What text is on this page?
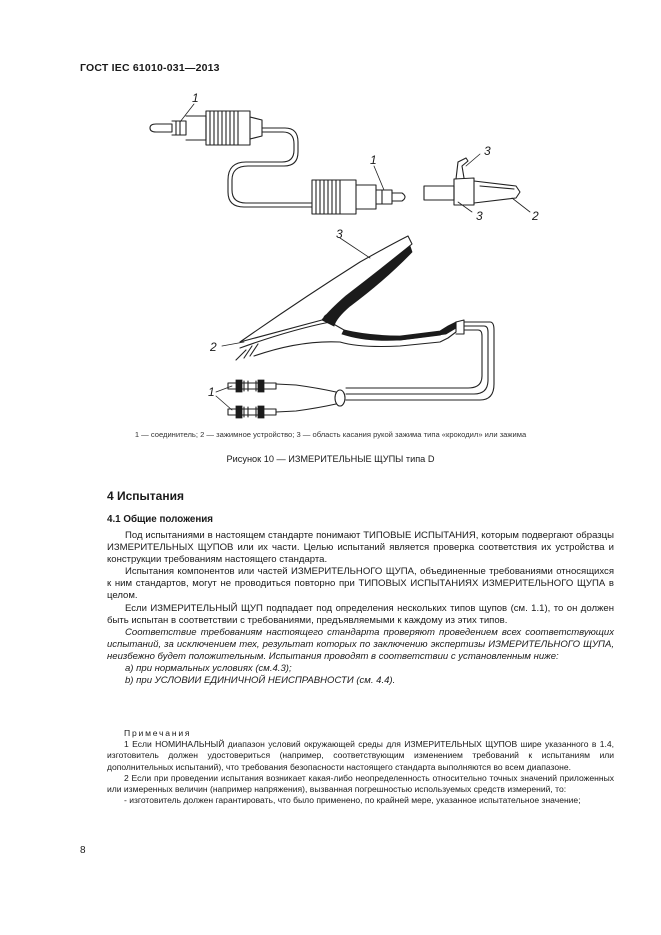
ГОСТ IEC 61010-031—2013
1
1
3
3	2
3
2
1
1 — соединитель; 2 — зажимное устройство; 3 — область касания рукой зажима типа «крокодил» или зажима
Рисунок 10 — ИЗМЕРИТЕЛЬНЫЕ ЩУПЫ типа D
4 Испытания
4.1 Общие положения

Под испытаниями в настоящем стандарте понимают ТИПОВЫЕ ИСПЫТАНИЯ, которым подвергают образцы ИЗМЕРИТЕЛЬНЫХ ЩУПОВ или их части. Целью испытаний является проверка соответствия их устройства и конструкции требованиям настоящего стандарта.

Испытания компонентов или частей ИЗМЕРИТЕЛЬНОГО ЩУПА, объединенные требованиями относящихся к ним стандартов, могут не проводиться повторно при ТИПОВЫХ ИСПЫТАНИЯХ ИЗМЕРИТЕЛЬНОГО ЩУПА в целом.

Если ИЗМЕРИТЕЛЬНЫЙ ЩУП подпадает под определения нескольких типов щупов (см. 1.1), то он должен быть испытан в соответствии с требованиями, предъявляемыми к каждому из этих типов.

Соответствие требованиям настоящего стандарта проверяют проведением всех соответствующих испытаний, за исключением тех, результат которых по заключению экспертизы ИЗМЕРИТЕЛЬНОГО ЩУПА, неизбежно будет положительным. Испытания проводят в соответствии с установленным ниже:

a) при нормальных условиях (см.4.3);

b) при УСЛОВИИ ЕДИНИЧНОЙ НЕИСПРАВНОСТИ (см. 4.4).

Примечания

1 Если НОМИНАЛЬНЫЙ диапазон условий окружающей среды для ИЗМЕРИТЕЛЬНЫХ ЩУПОВ шире указанного в 1.4, изготовитель должен удостовериться (например, соответствующим изменением требований к испытаниям или дополнительных испытаний), что требования безопасности настоящего стандарта выполняются во всем диапазоне.

2 Если при проведении испытания возникает какая-либо неопределенность относительно точных значений приложенных или измеренных величин (например напряжения), вызванная погрешностью используемых средств измерений, то:

- изготовитель должен гарантировать, что было применено, по крайней мере, указанное испытательное значение;

8
